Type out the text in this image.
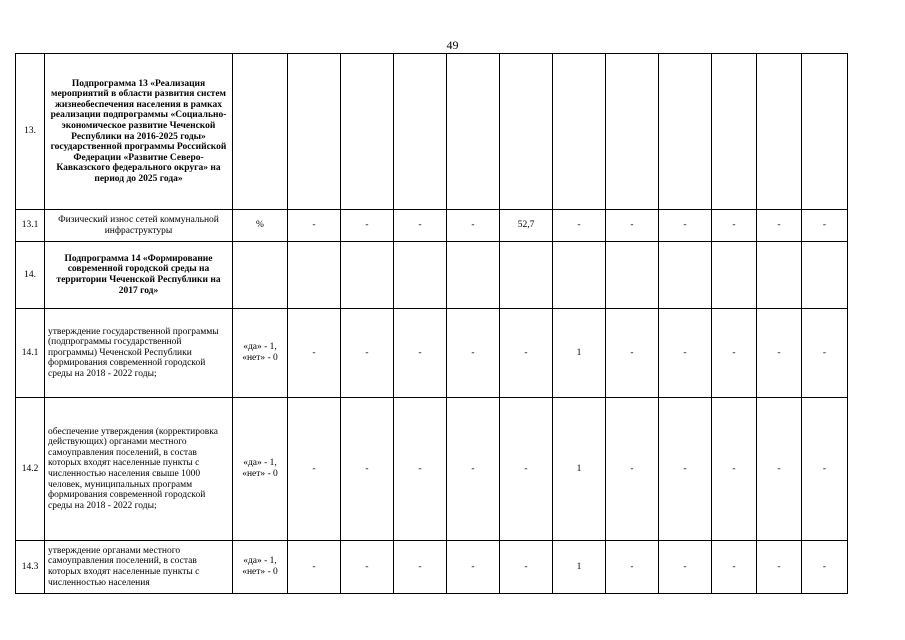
49
13.	Подпрограмма 13 «Реализация мероприятий в области развития систем жизнеобеспечения населения в рамках реализации подпрограммы «Социально-экономическое развитие Чеченской Республики на 2016-2025 годы» государственной программы Российской Федерации «Развитие Северо-Кавказского федерального округа» на период до 2025 года»												
13.1	Физический износ сетей коммунальной инфраструктуры	%	-	-	-	-	52,7	-	-	-	-	-	-
14.	Подпрограмма 14 «Формирование современной городской среды на территории Чеченской Республики на 2017 год»												
14.1	утверждение государственной программы (подпрограммы государственной программы) Чеченской Республики формирования современной городской среды на 2018 - 2022 годы;	«да» - 1, «нет» - 0	-	-	-	-	-	1	-	-	-	-	-
14.2	обеспечение утверждения (корректировка действующих) органами местного самоуправления поселений, в состав которых входят населенные пункты с численностью населения свыше 1000 человек, муниципальных программ формирования современной городской среды на 2018 - 2022 годы;	«да» - 1, «нет» - 0	-	-	-	-	-	1	-	-	-	-	-
14.3	утверждение органами местного самоуправления поселений, в состав которых входят населенные пункты с численностью населения	«да» - 1, «нет» - 0	-	-	-	-	-	1	-	-	-	-	-
